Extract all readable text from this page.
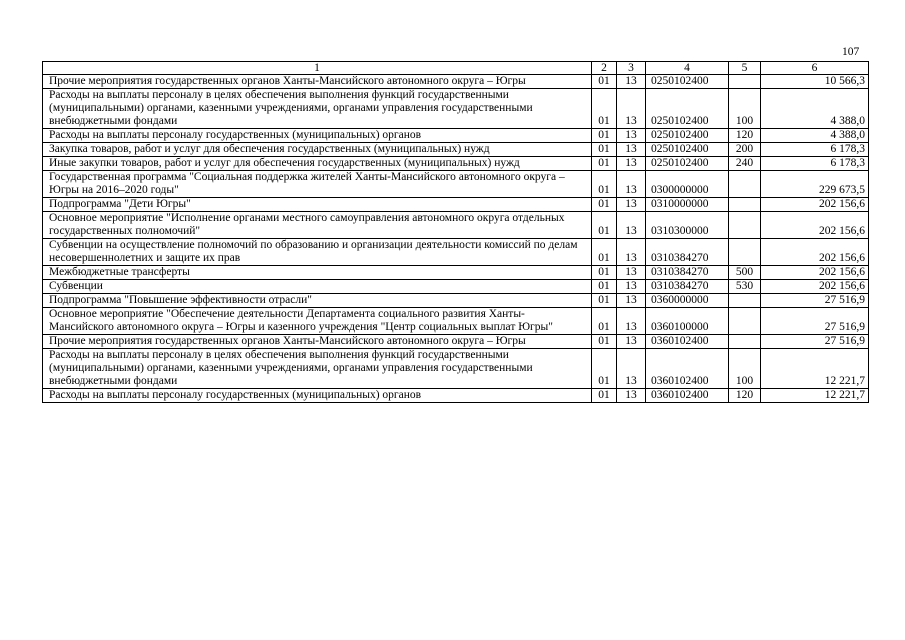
107
1	2	3	4	5	6
Прочие мероприятия государственных органов Ханты-Мансийского автономного округа – Югры	01	13	0250102400		10 566,3
Расходы на выплаты персоналу в целях обеспечения выполнения функций государственными (муниципальными) органами, казенными учреждениями, органами управления государственными внебюджетными фондами	01	13	0250102400	100	4 388,0
Расходы на выплаты персоналу государственных (муниципальных) органов	01	13	0250102400	120	4 388,0
Закупка товаров, работ и услуг для обеспечения государственных (муниципальных) нужд	01	13	0250102400	200	6 178,3
Иные закупки товаров, работ и услуг для обеспечения государственных (муниципальных) нужд	01	13	0250102400	240	6 178,3
Государственная программа "Социальная поддержка жителей Ханты-Мансийского автономного округа – Югры на 2016–2020 годы"	01	13	0300000000		229 673,5
Подпрограмма "Дети Югры"	01	13	0310000000		202 156,6
Основное мероприятие "Исполнение органами местного самоуправления автономного округа отдельных государственных полномочий"	01	13	0310300000		202 156,6
Субвенции на осуществление полномочий по образованию и организации деятельности комиссий по делам несовершеннолетних и защите их прав	01	13	0310384270		202 156,6
Межбюджетные трансферты	01	13	0310384270	500	202 156,6
Субвенции	01	13	0310384270	530	202 156,6
Подпрограмма "Повышение эффективности отрасли"	01	13	0360000000		27 516,9
Основное мероприятие "Обеспечение деятельности Департамента социального развития Ханты-Мансийского автономного округа – Югры и казенного учреждения "Центр социальных выплат Югры"	01	13	0360100000		27 516,9
Прочие мероприятия государственных органов Ханты-Мансийского автономного округа – Югры	01	13	0360102400		27 516,9
Расходы на выплаты персоналу в целях обеспечения выполнения функций государственными (муниципальными) органами, казенными учреждениями, органами управления государственными внебюджетными фондами	01	13	0360102400	100	12 221,7
Расходы на выплаты персоналу государственных (муниципальных) органов	01	13	0360102400	120	12 221,7
